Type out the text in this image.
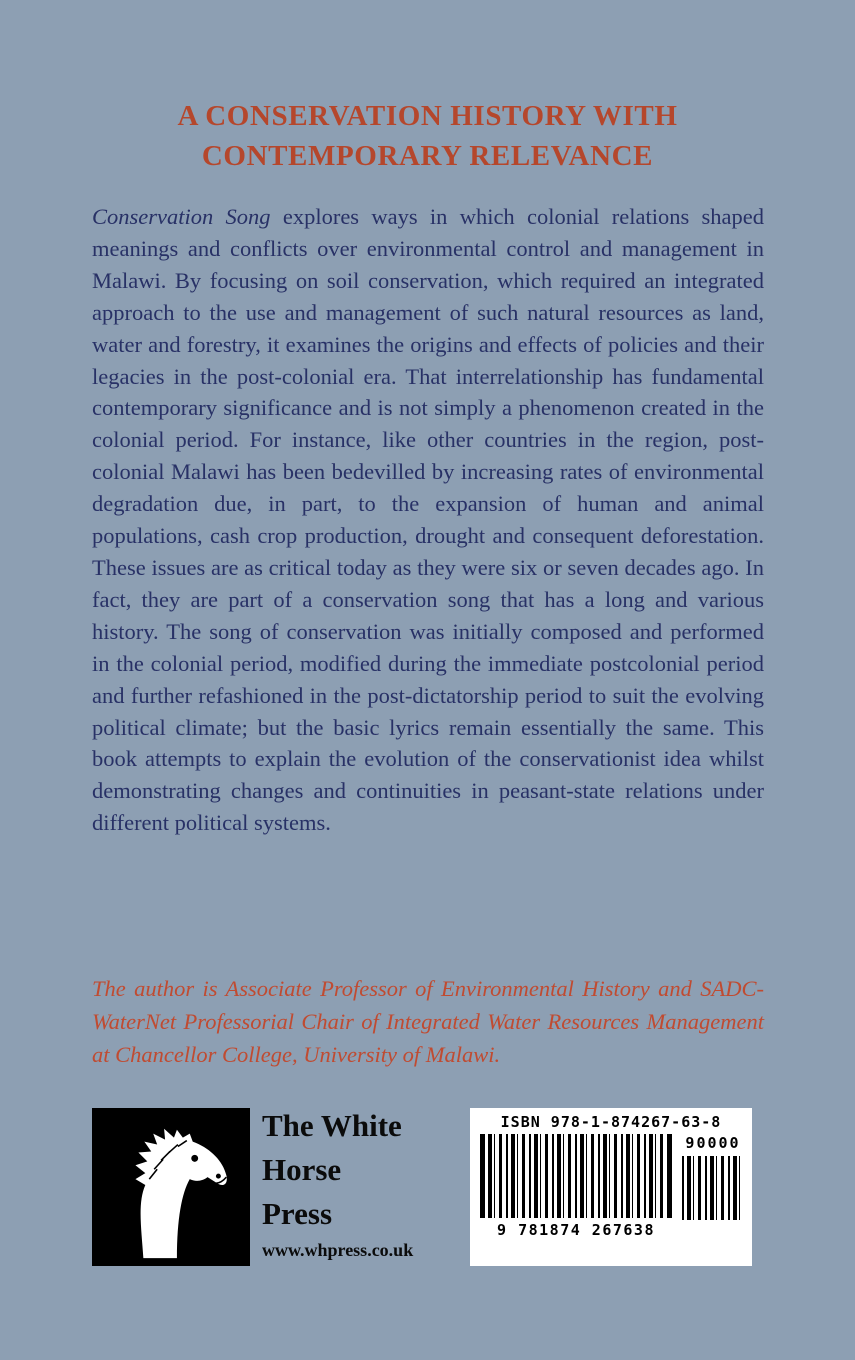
A CONSERVATION HISTORY WITH
CONTEMPORARY RELEVANCE

Conservation Song explores ways in which colonial relations shaped meanings and conflicts over environmental control and management in Malawi. By focusing on soil conservation, which required an integrated approach to the use and management of such natural resources as land, water and forestry, it examines the origins and effects of policies and their legacies in the post-colonial era. That interrelationship has fundamental contemporary significance and is not simply a phenomenon created in the colonial period. For instance, like other countries in the region, post-colonial Malawi has been bedevilled by increasing rates of environmental degradation due, in part, to the expansion of human and animal populations, cash crop production, drought and consequent deforestation. These issues are as critical today as they were six or seven decades ago. In fact, they are part of a conservation song that has a long and various history. The song of conservation was initially composed and performed in the colonial period, modified during the immediate postcolonial period and further refashioned in the post-dictatorship period to suit the evolving political climate; but the basic lyrics remain essentially the same. This book attempts to explain the evolution of the conservationist idea whilst demonstrating changes and continuities in peasant-state relations under different political systems.

The author is Associate Professor of Environmental History and SADC-WaterNet Professorial Chair of Integrated Water Resources Management at Chancellor College, University of Malawi.

The White
Horse
Press
www.whpress.co.uk
ISBN 978-1-874267-63-8
9 781874 267638
90000
